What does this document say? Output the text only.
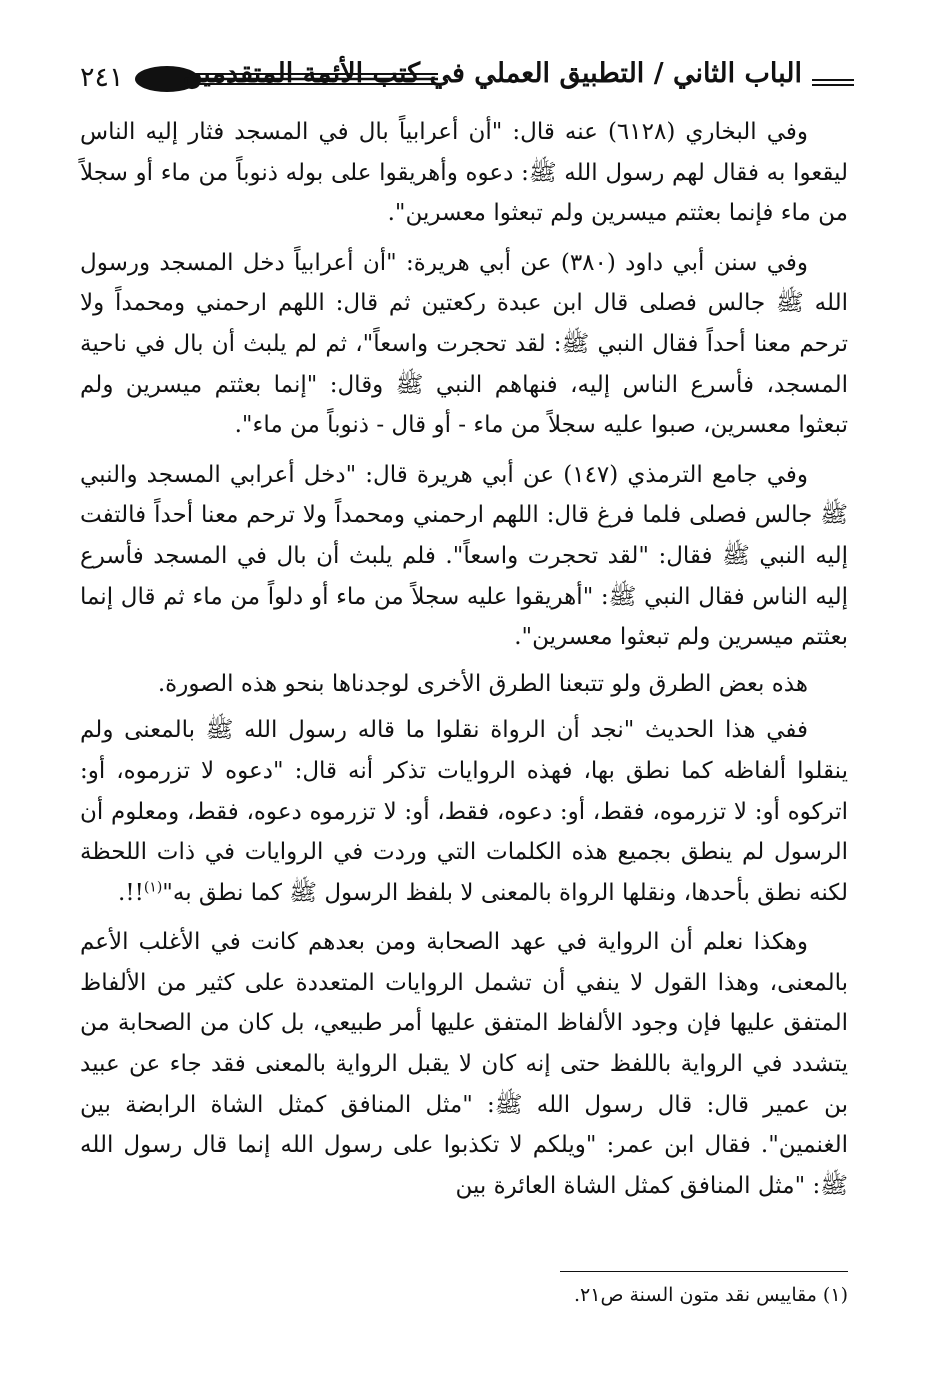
٢٤١ الباب الثاني / التطبيق العملي في كتب الأئمة المتقدمين

وفي البخاري (٦١٢٨) عنه قال: "أن أعرابياً بال في المسجد فثار إليه الناس ليقعوا به فقال لهم رسول الله ﷺ: دعوه وأهريقوا على بوله ذنوباً من ماء أو سجلاً من ماء فإنما بعثتم ميسرين ولم تبعثوا معسرين".

وفي سنن أبي داود (٣٨٠) عن أبي هريرة: "أن أعرابياً دخل المسجد ورسول الله ﷺ جالس فصلى قال ابن عبدة ركعتين ثم قال: اللهم ارحمني ومحمداً ولا ترحم معنا أحداً فقال النبي ﷺ: لقد تحجرت واسعاً"، ثم لم يلبث أن بال في ناحية المسجد، فأسرع الناس إليه، فنهاهم النبي ﷺ وقال: "إنما بعثتم ميسرين ولم تبعثوا معسرين، صبوا عليه سجلاً من ماء - أو قال - ذنوباً من ماء".

وفي جامع الترمذي (١٤٧) عن أبي هريرة قال: "دخل أعرابي المسجد والنبي ﷺ جالس فصلى فلما فرغ قال: اللهم ارحمني ومحمداً ولا ترحم معنا أحداً فالتفت إليه النبي ﷺ فقال: "لقد تحجرت واسعاً". فلم يلبث أن بال في المسجد فأسرع إليه الناس فقال النبي ﷺ: "أهريقوا عليه سجلاً من ماء أو دلواً من ماء ثم قال إنما بعثتم ميسرين ولم تبعثوا معسرين".

هذه بعض الطرق ولو تتبعنا الطرق الأخرى لوجدناها بنحو هذه الصورة.

ففي هذا الحديث "نجد أن الرواة نقلوا ما قاله رسول الله ﷺ بالمعنى ولم ينقلوا ألفاظه كما نطق بها، فهذه الروايات تذكر أنه قال: "دعوه لا تزرموه، أو: اتركوه أو: لا تزرموه، فقط، أو: دعوه، فقط، أو: لا تزرموه دعوه، فقط، ومعلوم أن الرسول لم ينطق بجميع هذه الكلمات التي وردت في الروايات في ذات اللحظة لكنه نطق بأحدها، ونقلها الرواة بالمعنى لا بلفظ الرسول ﷺ كما نطق به"$^{(١)}$!!.

وهكذا نعلم أن الرواية في عهد الصحابة ومن بعدهم كانت في الأغلب الأعم بالمعنى، وهذا القول لا ينفي أن تشمل الروايات المتعددة على كثير من الألفاظ المتفق عليها فإن وجود الألفاظ المتفق عليها أمر طبيعي، بل كان من الصحابة من يتشدد في الرواية باللفظ حتى إنه كان لا يقبل الرواية بالمعنى فقد جاء عن عبيد بن عمير قال: قال رسول الله ﷺ: "مثل المنافق كمثل الشاة الرابضة بين الغنمين". فقال ابن عمر: "ويلكم لا تكذبوا على رسول الله إنما قال رسول الله ﷺ: "مثل المنافق كمثل الشاة العائرة بين

(١) مقاييس نقد متون السنة ص٢١.
